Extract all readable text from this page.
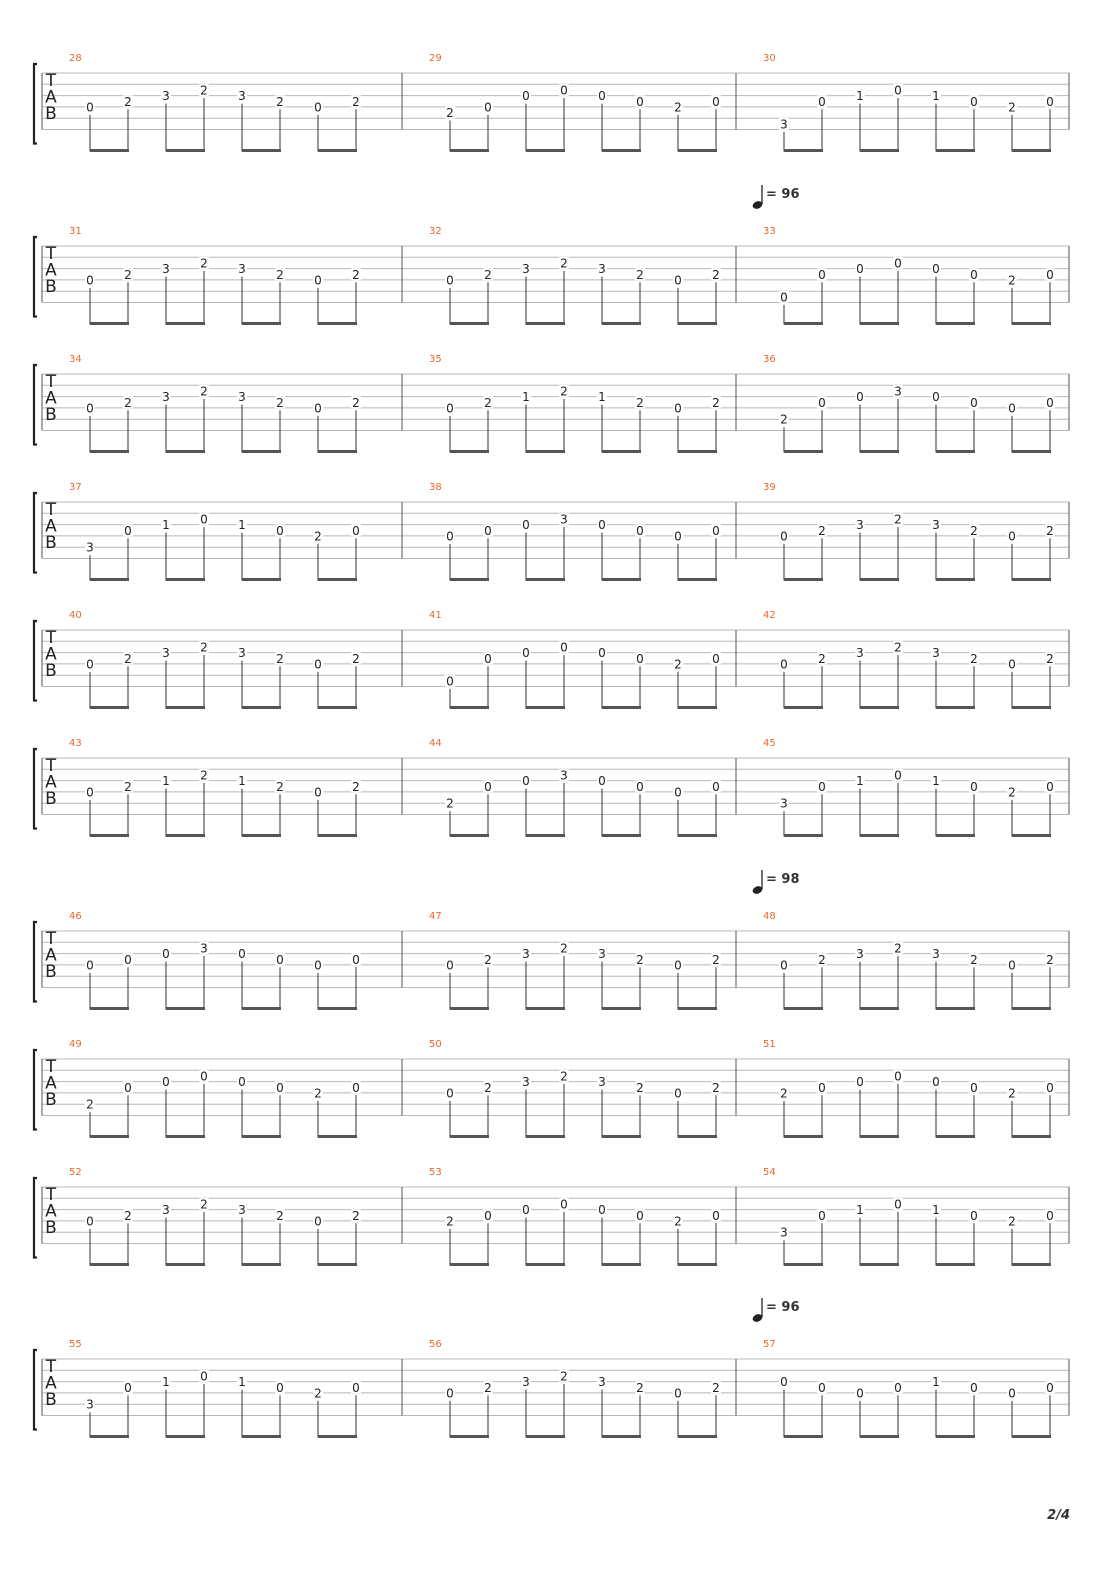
T
A
B
28
0	2	3	2	3	2	0	2
29
2	0
0	0	0	0	2	0
30
3
0	1	0	1	0	2	0
T
A
B
= 96
31
0	2	3	2	3	2	0	2
32
0	2	3	2	3	2	0	2
33
0
0	0	0	0	0	2	0
T
A
B
34
0	2	3	2	3	2	0	2
35
0	2	1	2	1	2	0	2
36
2
0	0	3	0	0	0	0
T
A
B
37
3
0	1	0	1	0	2	0
38
0	0	0	3	0	0	0	0
39
0	2	3	2	3	2	0	2
T
A
B
40
0	2	3	2	3	2	0	2
41
0
0	0	0	0	0	2	0
42
0	2	3	2	3	2	0	2
T
A
B
43
0	2	1	2	1	2	0	2
44
2
0	0	3	0	0	0	0
45
3
0	1	0	1	0	2	0
T
A
B
= 98
46
0	0	0	3	0	0	0	0
47
0	2	3	2	3	2	0	2
48
0	2	3	2	3	2	0	2
T
A
B
49
2
0	0	0	0	0	2	0
50
0	2	3	2	3	2	0	2
51
2	0	0	0	0	0	2	0
T
A
B
52
0	2	3	2	3	2	0	2
53
2	0	0	0	0	0	2	0
54
3
0	1	0	1	0	2	0
T
A
B
= 96
55
3
0	1	0	1	0	2	0
56
0	2	3	2	3	2	0	2
57
0	0	0	0	1	0	0	0
2/4
